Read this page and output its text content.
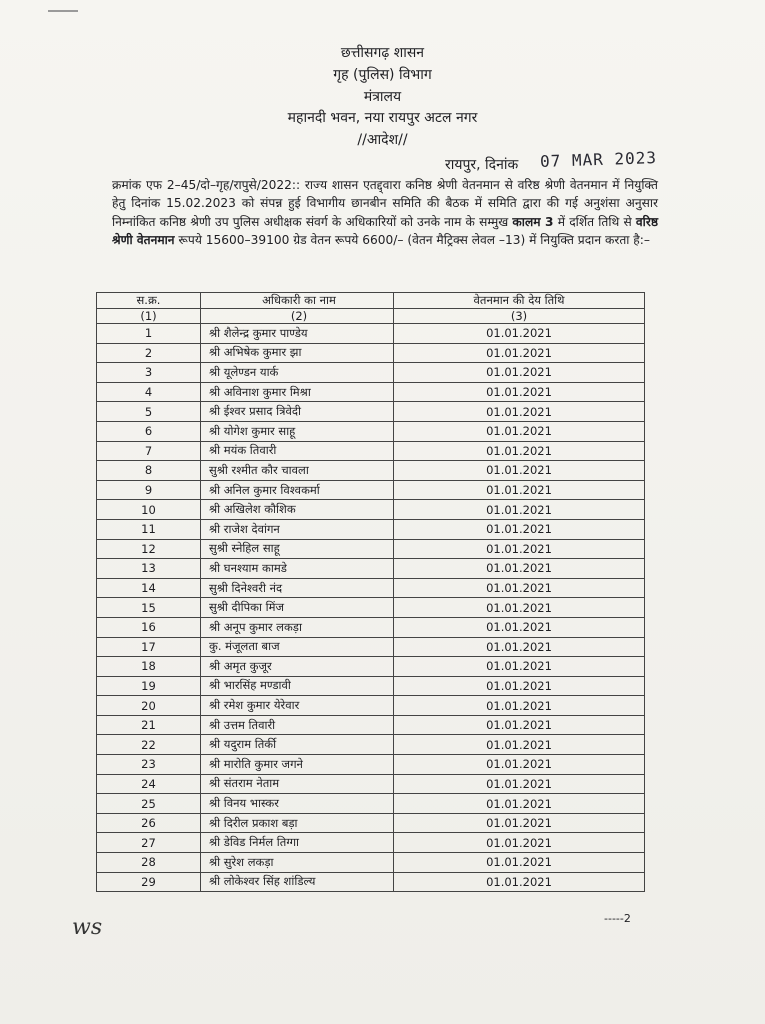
छत्तीसगढ़ शासन
गृह (पुलिस) विभाग
मंत्रालय
महानदी भवन, नया रायपुर अटल नगर
//आदेश//
रायपुर, दिनांक 07 MAR 2023
क्रमांक एफ 2–45/दो–गृह/रापुसे/2022:: राज्य शासन एतद्द्वारा कनिष्ठ श्रेणी वेतनमान से वरिष्ठ श्रेणी वेतनमान में नियुक्ति हेतु दिनांक 15.02.2023 को संपन्न हुई विभागीय छानबीन समिति की बैठक में समिति द्वारा की गई अनुशंसा अनुसार निम्नांकित कनिष्ठ श्रेणी उप पुलिस अधीक्षक संवर्ग के अधिकारियों को उनके नाम के सम्मुख कालम 3 में दर्शित तिथि से वरिष्ठ श्रेणी वेतनमान रूपये 15600–39100 ग्रेड वेतन रूपये 6600/– (वेतन मैट्रिक्स लेवल –13) में नियुक्ति प्रदान करता है:–
स.क्र.	अधिकारी का नाम	वेतनमान की देय तिथि
(1)	(2)	(3)
1	श्री शैलेन्द्र कुमार पाण्डेय	01.01.2021
2	श्री अभिषेक कुमार झा	01.01.2021
3	श्री यूलेण्डन यार्क	01.01.2021
4	श्री अविनाश कुमार मिश्रा	01.01.2021
5	श्री ईश्वर प्रसाद त्रिवेदी	01.01.2021
6	श्री योगेश कुमार साहू	01.01.2021
7	श्री मयंक तिवारी	01.01.2021
8	सुश्री रश्मीत कौर चावला	01.01.2021
9	श्री अनिल कुमार विश्वकर्मा	01.01.2021
10	श्री अखिलेश कौशिक	01.01.2021
11	श्री राजेश देवांगन	01.01.2021
12	सुश्री स्नेहिल साहू	01.01.2021
13	श्री घनश्याम कामडे	01.01.2021
14	सुश्री दिनेश्वरी नंद	01.01.2021
15	सुश्री दीपिका मिंज	01.01.2021
16	श्री अनूप कुमार लकड़ा	01.01.2021
17	कु. मंजूलता बाज	01.01.2021
18	श्री अमृत कुजूर	01.01.2021
19	श्री भारसिंह मण्डावी	01.01.2021
20	श्री रमेश कुमार येरेवार	01.01.2021
21	श्री उत्तम तिवारी	01.01.2021
22	श्री यदुराम तिर्की	01.01.2021
23	श्री मारोति कुमार जगने	01.01.2021
24	श्री संतराम नेताम	01.01.2021
25	श्री विनय भास्कर	01.01.2021
26	श्री दिरील प्रकाश बड़ा	01.01.2021
27	श्री डेविड निर्मल तिग्गा	01.01.2021
28	श्री सुरेश लकड़ा	01.01.2021
29	श्री लोकेश्वर सिंह शांडिल्य	01.01.2021
ws	-----2
